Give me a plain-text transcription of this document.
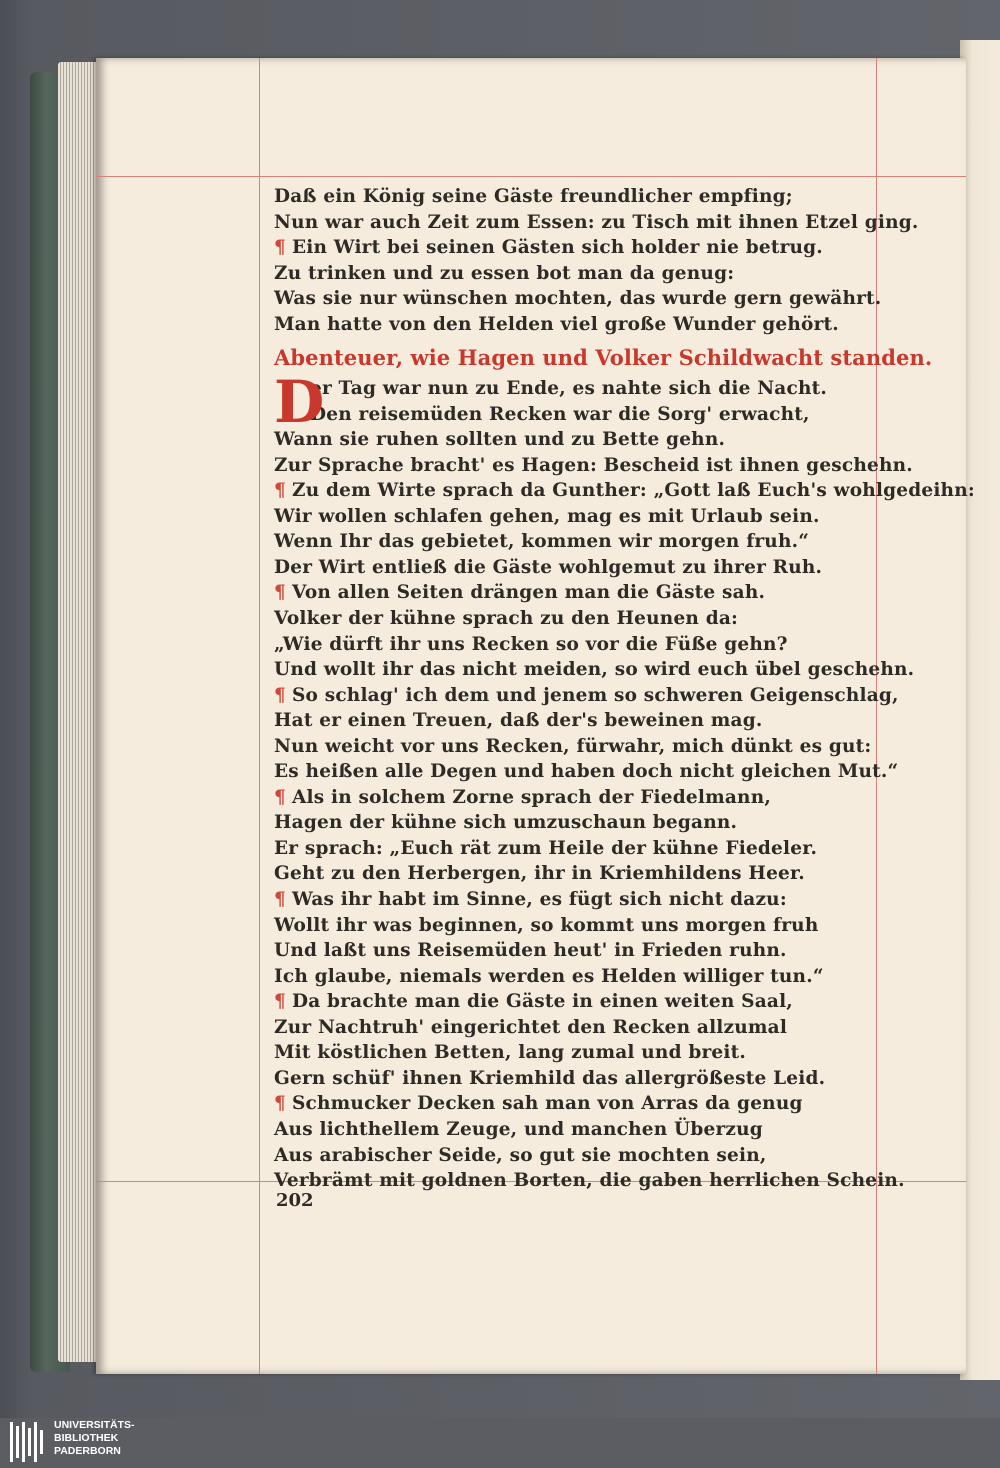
Abenteuer, wie Hagen und Volker Schildwacht standen.
Daß ein König seine Gäste freundlicher empfing;
Nun war auch Zeit zum Essen: zu Tisch mit ihnen Etzel ging.
¶ Ein Wirt bei seinen Gästen sich holder nie betrug.
Zu trinken und zu essen bot man da genug:
Was sie nur wünschen mochten, das wurde gern gewährt.
Man hatte von den Helden viel große Wunder gehört.
er Tag war nun zu Ende, es nahte sich die Nacht.
Den reisemüden Recken war die Sorg' erwacht,
Wann sie ruhen sollten und zu Bette gehn.
Zur Sprache bracht' es Hagen: Bescheid ist ihnen geschehn.
¶ Zu dem Wirte sprach da Gunther: „Gott laß Euch's wohlgedeihn:
Wir wollen schlafen gehen, mag es mit Urlaub sein.
Wenn Ihr das gebietet, kommen wir morgen fruh.“
Der Wirt entließ die Gäste wohlgemut zu ihrer Ruh.
¶ Von allen Seiten drängen man die Gäste sah.
Volker der kühne sprach zu den Heunen da:
„Wie dürft ihr uns Recken so vor die Füße gehn?
Und wollt ihr das nicht meiden, so wird euch übel geschehn.
¶ So schlag' ich dem und jenem so schweren Geigenschlag,
Hat er einen Treuen, daß der's beweinen mag.
Nun weicht vor uns Recken, fürwahr, mich dünkt es gut:
Es heißen alle Degen und haben doch nicht gleichen Mut.“
¶ Als in solchem Zorne sprach der Fiedelmann,
Hagen der kühne sich umzuschaun begann.
Er sprach: „Euch rät zum Heile der kühne Fiedeler.
Geht zu den Herbergen, ihr in Kriemhildens Heer.
¶ Was ihr habt im Sinne, es fügt sich nicht dazu:
Wollt ihr was beginnen, so kommt uns morgen fruh
Und laßt uns Reisemüden heut' in Frieden ruhn.
Ich glaube, niemals werden es Helden williger tun.“
¶ Da brachte man die Gäste in einen weiten Saal,
Zur Nachtruh' eingerichtet den Recken allzumal
Mit köstlichen Betten, lang zumal und breit.
Gern schüf' ihnen Kriemhild das allergrößeste Leid.
¶ Schmucker Decken sah man von Arras da genug
Aus lichthellem Zeuge, und manchen Überzug
Aus arabischer Seide, so gut sie mochten sein,
Verbrämt mit goldnen Borten, die gaben herrlichen Schein.
D
202
UNIVERSITÄTS-
BIBLIOTHEK
PADERBORN
